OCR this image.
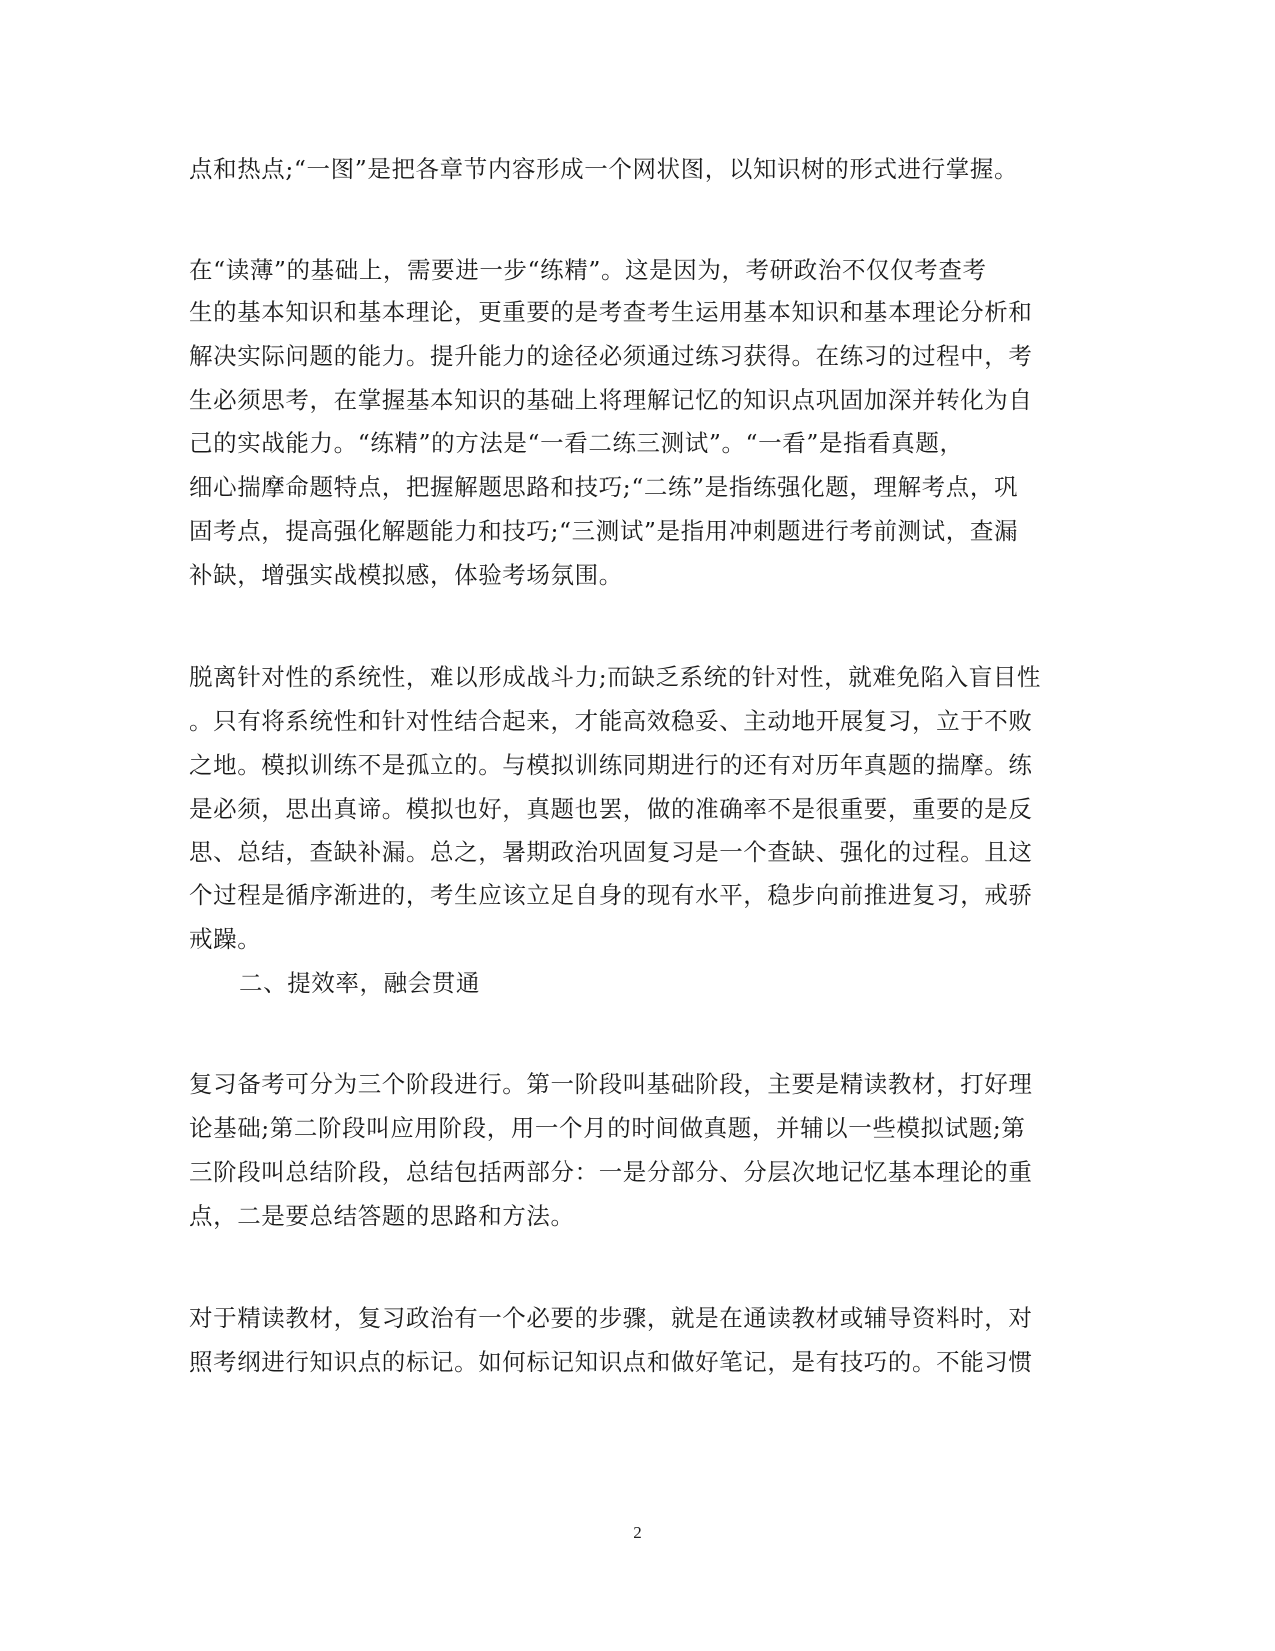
点和热点;“一图”是把各章节内容形成一个网状图，以知识树的形式进行掌握。
在“读薄”的基础上，需要进一步“练精”。这是因为，考研政治不仅仅考查考
生的基本知识和基本理论，更重要的是考查考生运用基本知识和基本理论分析和
解决实际问题的能力。提升能力的途径必须通过练习获得。在练习的过程中，考
生必须思考，在掌握基本知识的基础上将理解记忆的知识点巩固加深并转化为自
己的实战能力。“练精”的方法是“一看二练三测试”。“一看”是指看真题，
细心揣摩命题特点，把握解题思路和技巧;“二练”是指练强化题，理解考点，巩
固考点，提高强化解题能力和技巧;“三测试”是指用冲刺题进行考前测试，查漏
补缺，增强实战模拟感，体验考场氛围。
脱离针对性的系统性，难以形成战斗力;而缺乏系统的针对性，就难免陷入盲目性
。只有将系统性和针对性结合起来，才能高效稳妥、主动地开展复习，立于不败
之地。模拟训练不是孤立的。与模拟训练同期进行的还有对历年真题的揣摩。练
是必须，思出真谛。模拟也好，真题也罢，做的准确率不是很重要，重要的是反
思、总结，查缺补漏。总之，暑期政治巩固复习是一个查缺、强化的过程。且这
个过程是循序渐进的，考生应该立足自身的现有水平，稳步向前推进复习，戒骄
戒躁。
二、提效率，融会贯通
复习备考可分为三个阶段进行。第一阶段叫基础阶段，主要是精读教材，打好理
论基础;第二阶段叫应用阶段，用一个月的时间做真题，并辅以一些模拟试题;第
三阶段叫总结阶段，总结包括两部分：一是分部分、分层次地记忆基本理论的重
点，二是要总结答题的思路和方法。
对于精读教材，复习政治有一个必要的步骤，就是在通读教材或辅导资料时，对
照考纲进行知识点的标记。如何标记知识点和做好笔记，是有技巧的。不能习惯
2
